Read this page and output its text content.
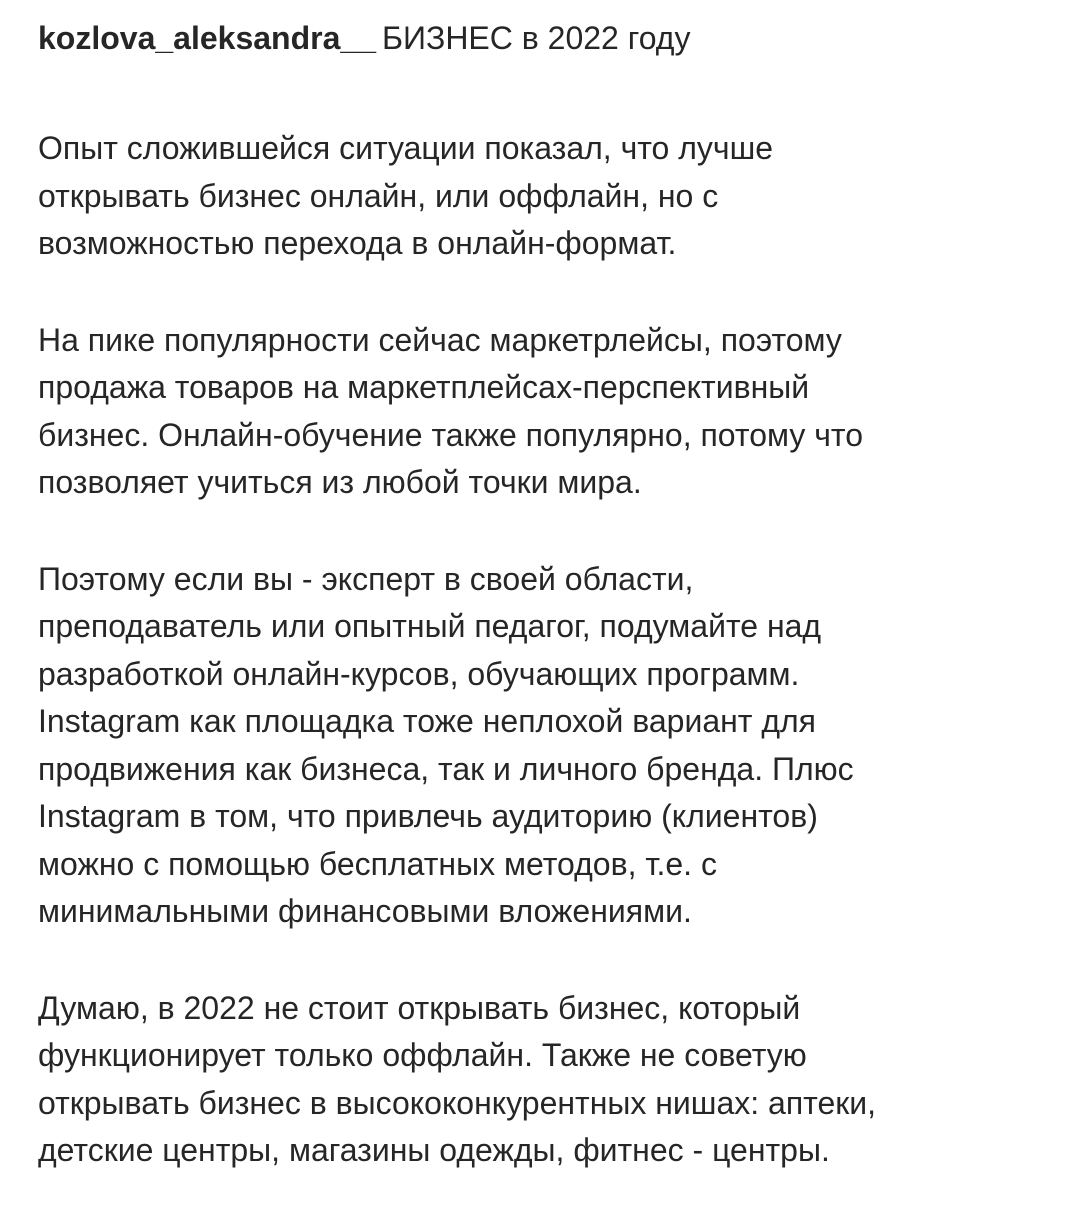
kozlova_aleksandra__ БИЗНЕС в 2022 году

Опыт сложившейся ситуации показал, что лучше
открывать бизнес онлайн, или оффлайн, но с
возможностью перехода в онлайн-формат.

На пике популярности сейчас маркетрлейсы, поэтому
продажа товаров на маркетплейсах-перспективный
бизнес. Онлайн-обучение также популярно, потому что
позволяет учиться из любой точки мира.

Поэтому если вы - эксперт в своей области,
преподаватель или опытный педагог, подумайте над
разработкой онлайн-курсов, обучающих программ.
Instagram как площадка тоже неплохой вариант для
продвижения как бизнеса, так и личного бренда. Плюс
Instagram в том, что привлечь аудиторию (клиентов)
можно с помощью бесплатных методов, т.е. с
минимальными финансовыми вложениями.

Думаю, в 2022 не стоит открывать бизнес, который
функционирует только оффлайн. Также не советую
открывать бизнес в высококонкурентных нишах: аптеки,
детские центры, магазины одежды, фитнес - центры.
